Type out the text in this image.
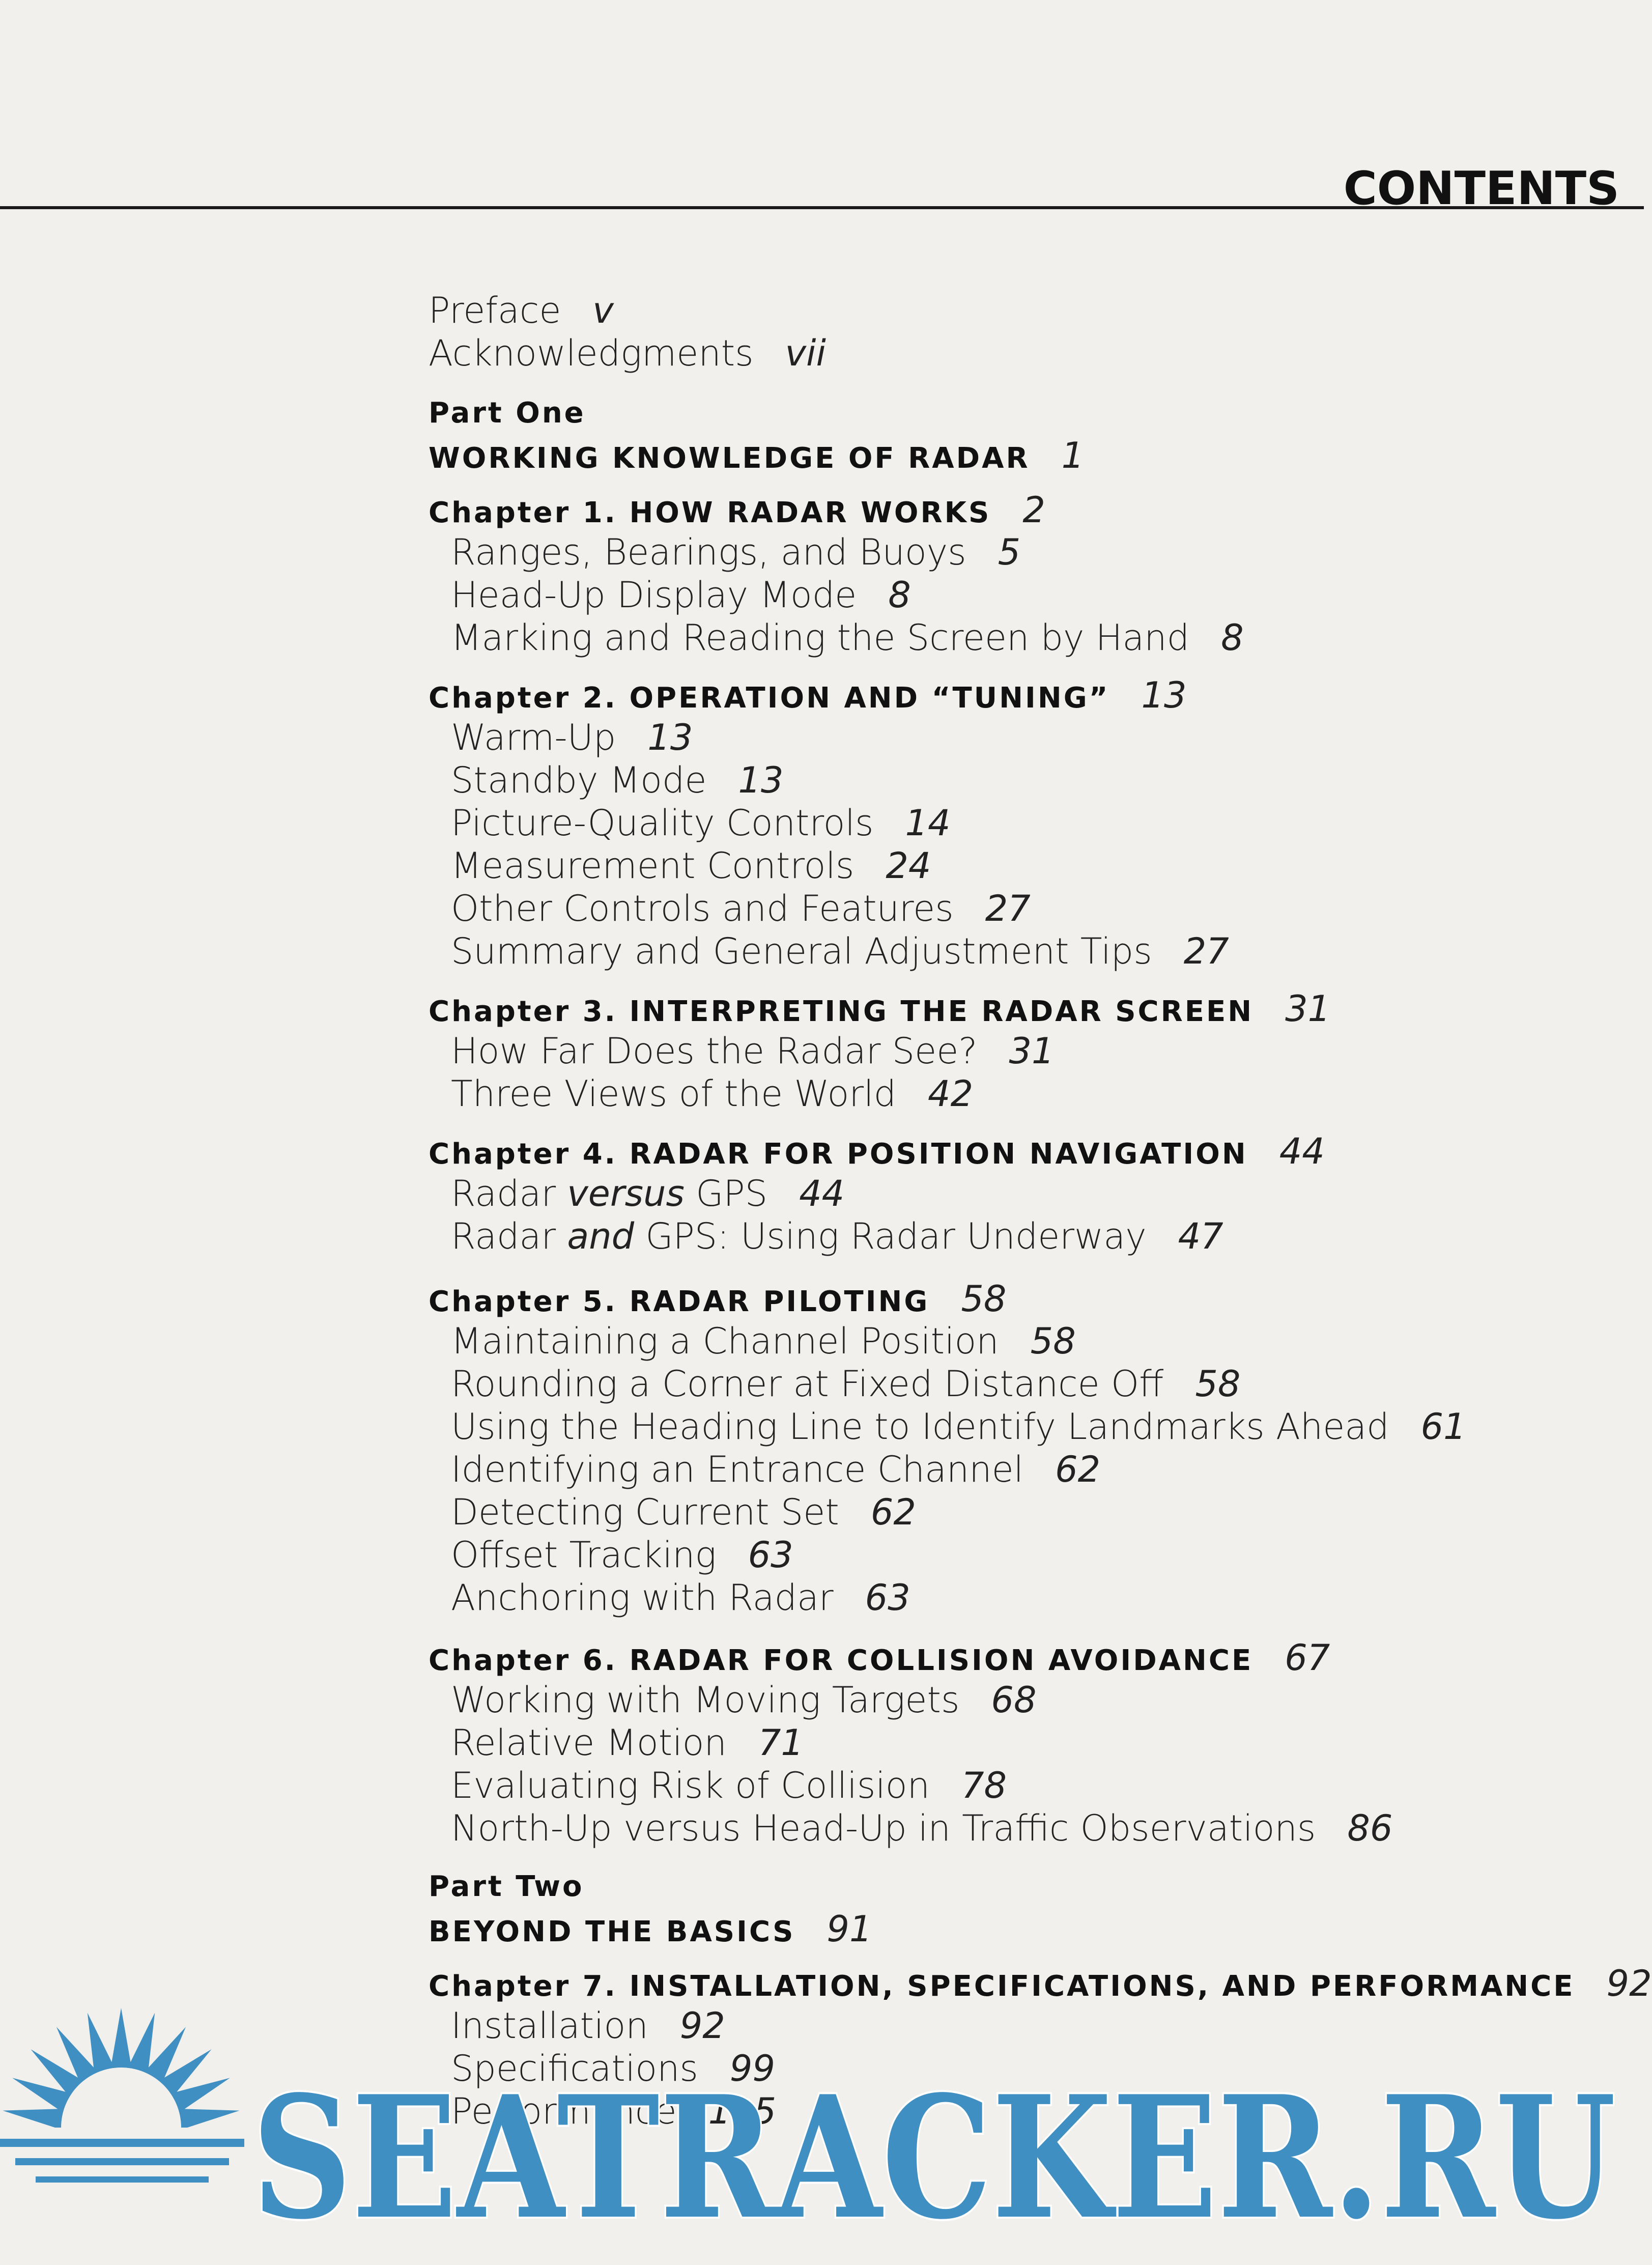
CONTENTS
Preface v
Acknowledgments vii
Part One
WORKING KNOWLEDGE OF RADAR 1
Chapter 1. HOW RADAR WORKS 2
Ranges, Bearings, and Buoys 5
Head-Up Display Mode 8
Marking and Reading the Screen by Hand 8
Chapter 2. OPERATION AND “TUNING” 13
Warm-Up 13
Standby Mode 13
Picture-Quality Controls 14
Measurement Controls 24
Other Controls and Features 27
Summary and General Adjustment Tips 27
Chapter 3. INTERPRETING THE RADAR SCREEN 31
How Far Does the Radar See? 31
Three Views of the World 42
Chapter 4. RADAR FOR POSITION NAVIGATION 44
Radar versus GPS 44
Radar and GPS: Using Radar Underway 47
Chapter 5. RADAR PILOTING 58
Maintaining a Channel Position 58
Rounding a Corner at Fixed Distance Off 58
Using the Heading Line to Identify Landmarks Ahead 61
Identifying an Entrance Channel 62
Detecting Current Set 62
Offset Tracking 63
Anchoring with Radar 63
Chapter 6. RADAR FOR COLLISION AVOIDANCE 67
Working with Moving Targets 68
Relative Motion 71
Evaluating Risk of Collision 78
North-Up versus Head-Up in Traffic Observations 86
Part Two
BEYOND THE BASICS 91
Chapter 7. INSTALLATION, SPECIFICATIONS, AND PERFORMANCE 92
Installation 92
Specifications 99
Performance 115
SEATRACKER.RU
